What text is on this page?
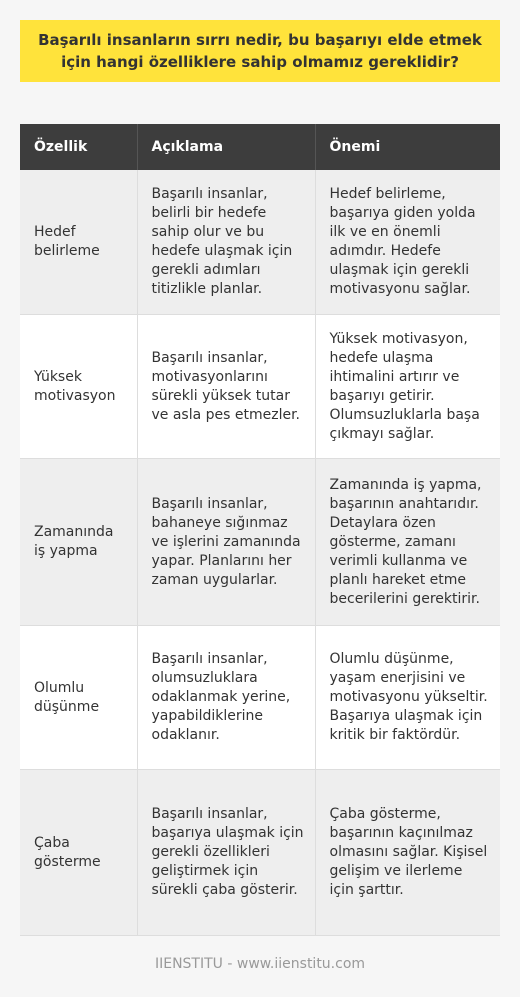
Başarılı insanların sırrı nedir, bu başarıyı elde etmek için hangi özelliklere sahip olmamız gereklidir?
Özellik	Açıklama	Önemi
Hedef belirleme	Başarılı insanlar, belirli bir hedefe sahip olur ve bu hedefe ulaşmak için gerekli adımları titizlikle planlar.	Hedef belirleme, başarıya giden yolda ilk ve en önemli adımdır. Hedefe ulaşmak için gerekli motivasyonu sağlar.
Yüksek motivasyon	Başarılı insanlar, motivasyonlarını sürekli yüksek tutar ve asla pes etmezler.	Yüksek motivasyon, hedefe ulaşma ihtimalini artırır ve başarıyı getirir. Olumsuzluklarla başa çıkmayı sağlar.
Zamanında iş yapma	Başarılı insanlar, bahaneye sığınmaz ve işlerini zamanında yapar. Planlarını her zaman uygularlar.	Zamanında iş yapma, başarının anahtarıdır. Detaylara özen gösterme, zamanı verimli kullanma ve planlı hareket etme becerilerini gerektirir.
Olumlu düşünme	Başarılı insanlar, olumsuzluklara odaklanmak yerine, yapabildiklerine odaklanır.	Olumlu düşünme, yaşam enerjisini ve motivasyonu yükseltir. Başarıya ulaşmak için kritik bir faktördür.
Çaba gösterme	Başarılı insanlar, başarıya ulaşmak için gerekli özellikleri geliştirmek için sürekli çaba gösterir.	Çaba gösterme, başarının kaçınılmaz olmasını sağlar. Kişisel gelişim ve ilerleme için şarttır.
IIENSTITU - www.iienstitu.com
